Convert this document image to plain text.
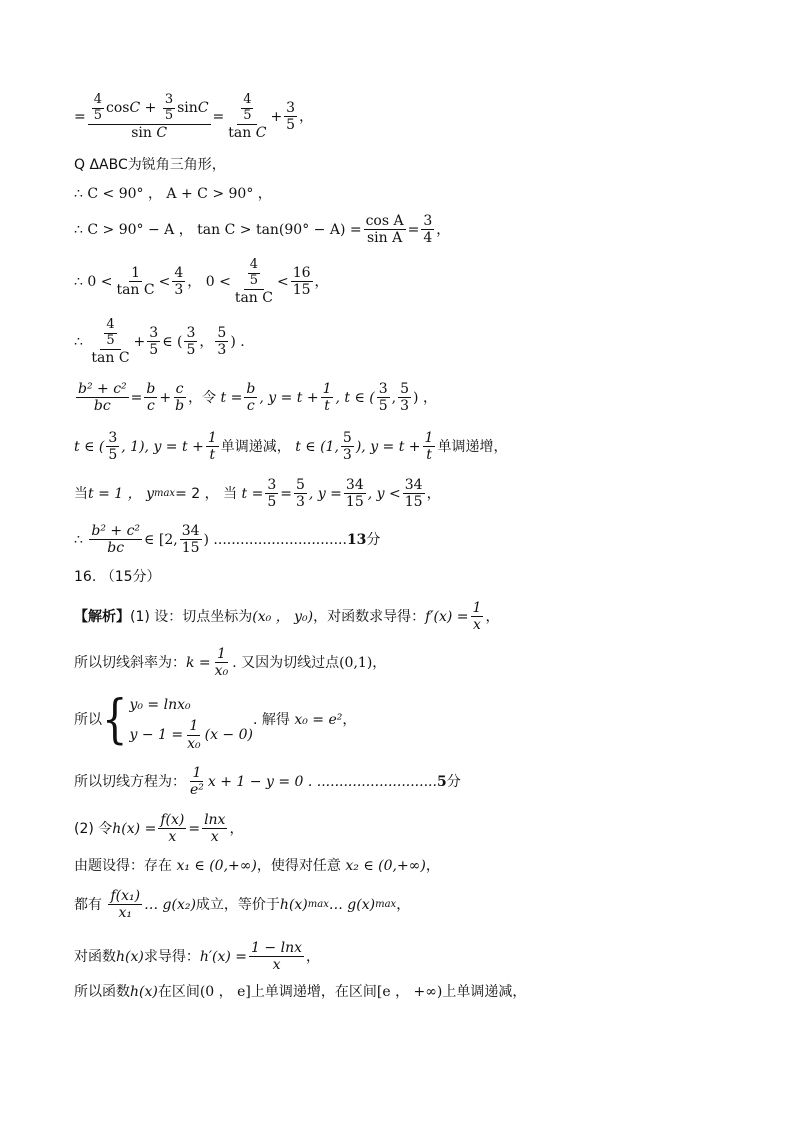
= $\frac{4}{5}$ cos C
+
$\frac{3}{5}$ sin C
$\sin C = \frac{\frac{4}{5}}{\text{tan C}} + \frac{3}{5}$ ，
Q ΔABC为锐角三角形，
∴ C < 90° ， A + C > 90° ，
∴ C > 90° − A ， $\tan C > \tan(90^\circ - A) = \frac{\text{cos A}}{\text{sin A}} = \frac{3}{4}$ ，
∴ $0 < \frac{1}{\text{tan C}} < \frac{4}{3}$ ， $0 < \frac{\frac{4}{5}}{\text{tan C}} < \frac{16}{15}$ ，
∴
$\frac{\frac{4}{5}}{\text{tan C}} + \frac{3}{5}$ ∈ ( $\frac{3}{5}$ ， $\frac{5}{3}$ ) .
$\frac{\text{b² + c²}}{bc} = \frac{b}{c} + \frac{c}{b}$ ，令
$t = \frac{b}{c}$ , $y = t + \frac{1}{t}$ , t ∈ ( $\frac{3}{5}$ , $\frac{5}{3}$ ) ，
t ∈ ( $\frac{3}{5}$ , 1), $y = t + \frac{1}{t}$ 单调递减，
t ∈ (1, $\frac{5}{3}$ ), $y = t + \frac{1}{t}$ 单调递增，
当 t = 1 ， y max = 2 ， 当
$t = \frac{3}{5} = \frac{5}{3}$ , $y = \frac{34}{15}$ , $y < \frac{34}{15}$ ，
∴
$\frac{\text{b² + c²}}{bc}$ ∈ [2, $\frac{34}{15}$ ) .............................. 13 分
16. （15分）
【解析】 (1) 设：切点坐标为 (x₀ ， y₀) ，对函数求导得： $f'(x) = \frac{1}{x}$ ，
所以切线斜率为： $k = \frac{1}{\text{x₀}}$ . 又因为切线过点 (0,1) ，
所以 { y₀ = lnx₀
$y - 1 = \frac{1}{\text{x₀}} (x - 0)$
. 解得
x₀ = e² ，
所以切线方程为： $\frac{1}{\text{e²}}$ x + 1 − y = 0 . ........................... 5 分
(2) 令 $h(x) = \frac{f(x)}{x} = \frac{\ln x}{x}$ ，
由题设得：存在
x₁ ∈ (0,+∞) ，使得对任意
x₂ ∈ (0,+∞) ，
都有
$\frac{\text{f(x₁)}}{\text{x₁}}$ … g(x₂) 成立，等价于 h(x) max … g(x) max ，
对函数 h(x) 求导得： $h'(x) = \frac{1 - \ln x}{x}$ ，
所以函数 h(x) 在区间 (0 ， e] 上单调递增，在区间 [e ， +∞) 上单调递减，
